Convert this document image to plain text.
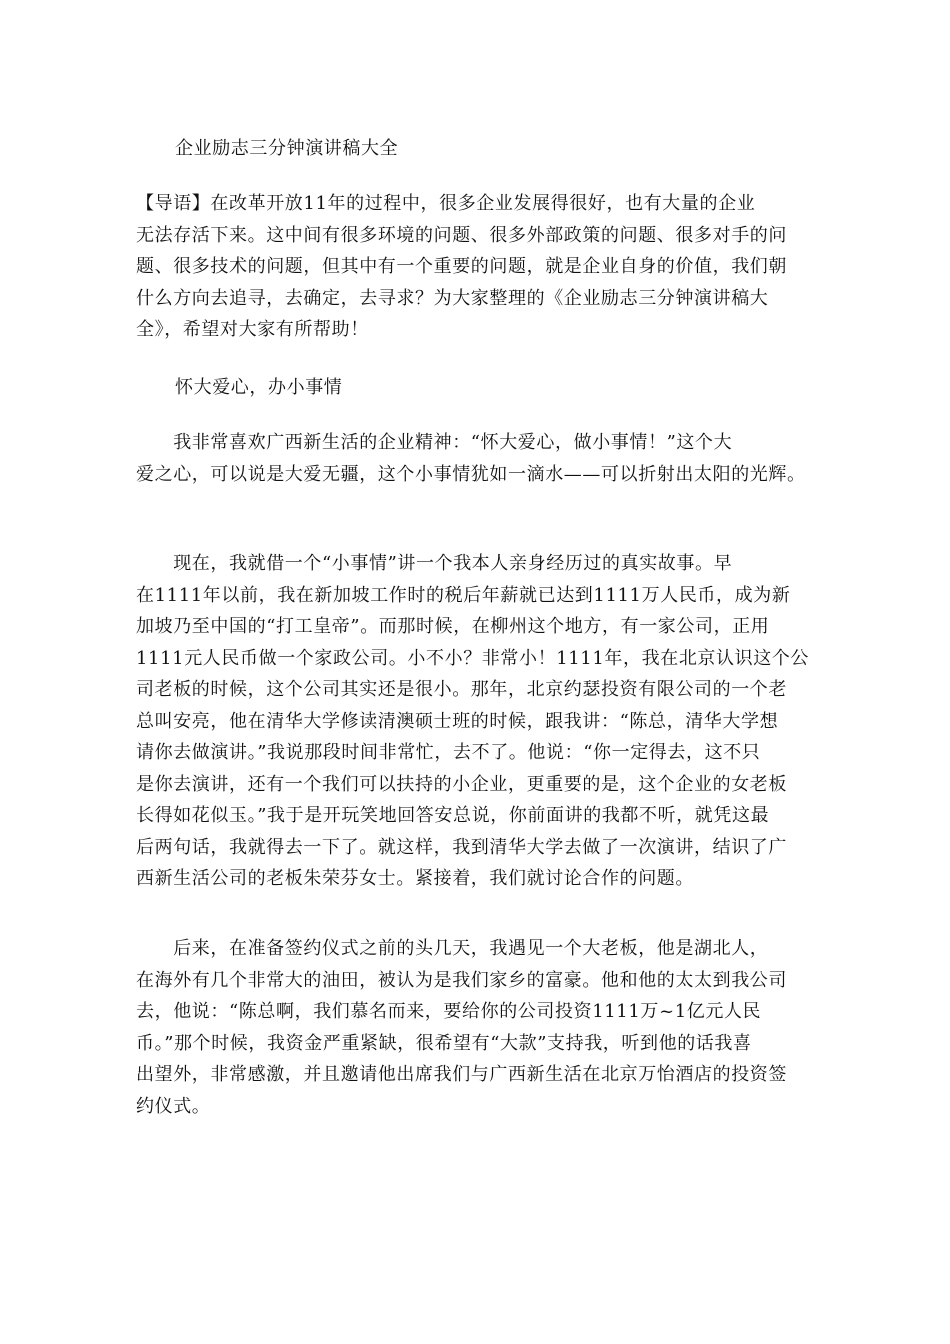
企业励志三分钟演讲稿大全
【导语】在改革开放11年的过程中，很多企业发展得很好，也有大量的企业
无法存活下来。这中间有很多环境的问题、很多外部政策的问题、很多对手的问
题、很多技术的问题，但其中有一个重要的问题，就是企业自身的价值，我们朝
什么方向去追寻，去确定，去寻求？为大家整理的《企业励志三分钟演讲稿大
全》，希望对大家有所帮助！
怀大爱心，办小事情
　　我非常喜欢广西新生活的企业精神：“怀大爱心，做小事情！”这个大
爱之心，可以说是大爱无疆，这个小事情犹如一滴水——可以折射出太阳的光辉。
　　现在，我就借一个“小事情”讲一个我本人亲身经历过的真实故事。早
在1111年以前，我在新加坡工作时的税后年薪就已达到1111万人民币，成为新
加坡乃至中国的“打工皇帝”。而那时候，在柳州这个地方，有一家公司，正用
1111元人民币做一个家政公司。小不小？非常小！1111年，我在北京认识这个公
司老板的时候，这个公司其实还是很小。那年，北京约瑟投资有限公司的一个老
总叫安亮，他在清华大学修读清澳硕士班的时候，跟我讲：“陈总，清华大学想
请你去做演讲。”我说那段时间非常忙，去不了。他说：“你一定得去，这不只
是你去演讲，还有一个我们可以扶持的小企业，更重要的是，这个企业的女老板
长得如花似玉。”我于是开玩笑地回答安总说，你前面讲的我都不听，就凭这最
后两句话，我就得去一下了。就这样，我到清华大学去做了一次演讲，结识了广
西新生活公司的老板朱荣芬女士。紧接着，我们就讨论合作的问题。
　　后来，在准备签约仪式之前的头几天，我遇见一个大老板，他是湖北人，
在海外有几个非常大的油田，被认为是我们家乡的富豪。他和他的太太到我公司
去，他说：“陈总啊，我们慕名而来，要给你的公司投资1111万~1亿元人民
币。”那个时候，我资金严重紧缺，很希望有“大款”支持我，听到他的话我喜
出望外，非常感激，并且邀请他出席我们与广西新生活在北京万怡酒店的投资签
约仪式。
